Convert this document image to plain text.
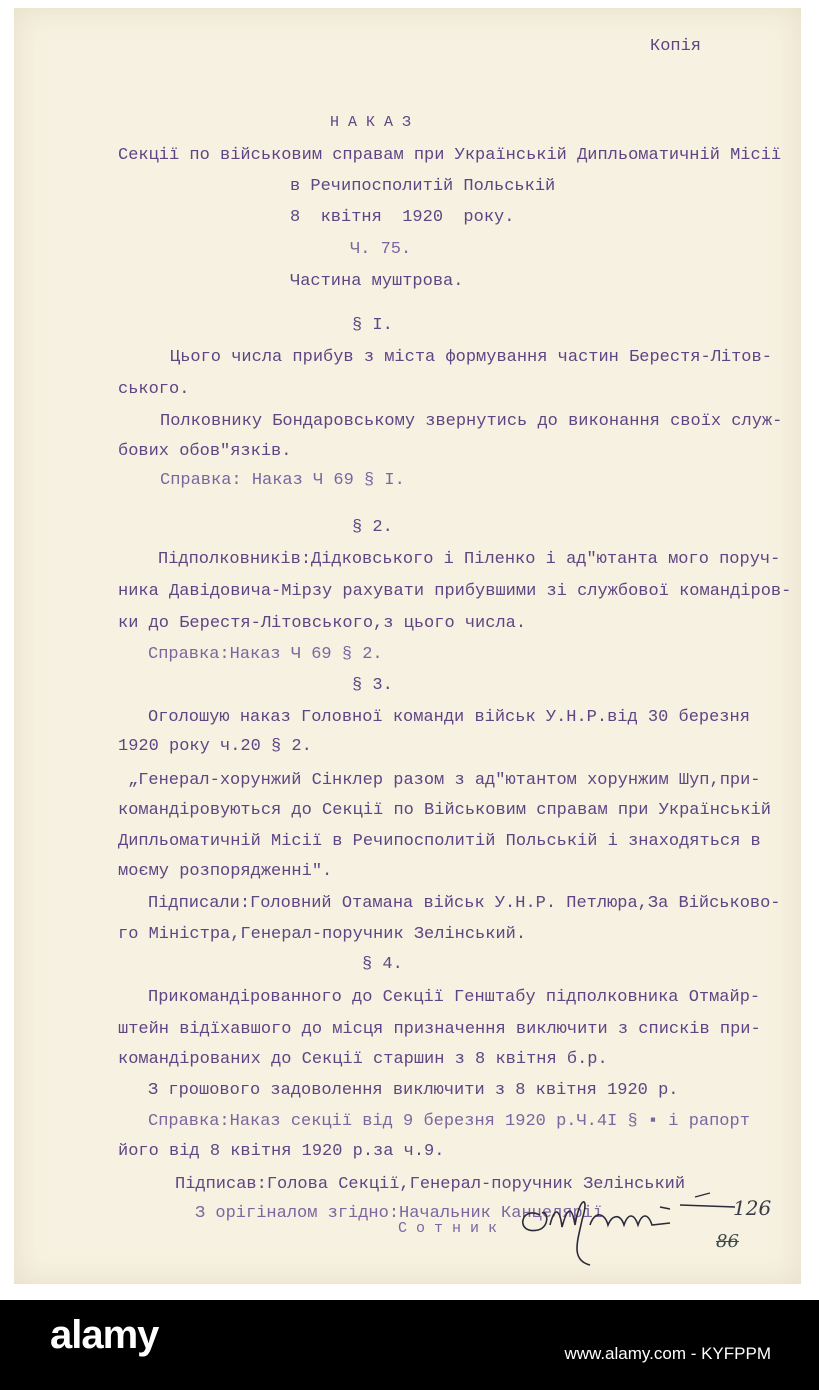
Копія
Н А К А З
Секції по військовим справам при Українській Дипльоматичній Місії
в Речипосполитій Польській
8  квітня  1920  року.
Ч. 75.
Частина муштрова.
§ I.
Цього числа прибув з міста формування частин Берестя-Літов-
ського.
Полковнику Бондаровському звернутись до виконання своїх служ-
бових обов"язків.
Справка: Наказ Ч 69 § I.
§ 2.
Підполковників:Дідковського і Піленко і ад"ютанта мого поруч-
ника Давідовича-Мірзу рахувати прибувшими зі службової командіров-
ки до Берестя-Літовського,з цього числа.
Справка:Наказ Ч 69 § 2.
§ 3.
Оголошую наказ Головної команди військ У.Н.Р.від 30 березня
1920 року ч.20 § 2.
„Генерал-хорунжий Сінклер разом з ад"ютантом хорунжим Шуп,при-
командіровуються до Секції по Військовим справам при Українській
Дипльоматичній Місії в Речипосполитій Польській і знаходяться в
моєму розпорядженні".
Підписали:Головний Отамана військ У.Н.Р. Петлюра,За Військово-
го Міністра,Генерал-поручник Зелінський.
§ 4.
Прикомандірованного до Секції Генштабу підполковника Отмайр-
штейн відїхавшого до місця призначення виключити з списків при-
командірованих до Секції старшин з 8 квітня б.р.
З грошового задоволення виключити з 8 квітня 1920 р.
Справка:Наказ секції від 9 березня 1920 р.Ч.4I § ▪ і рапорт
його від 8 квітня 1920 р.за ч.9.
Підписав:Голова Секції,Генерал-поручник Зелінський
З орігіналом згідно:Начальник Канцелярії
С о т н и к
126
86
alamy	www.alamy.com - KYFPPM
